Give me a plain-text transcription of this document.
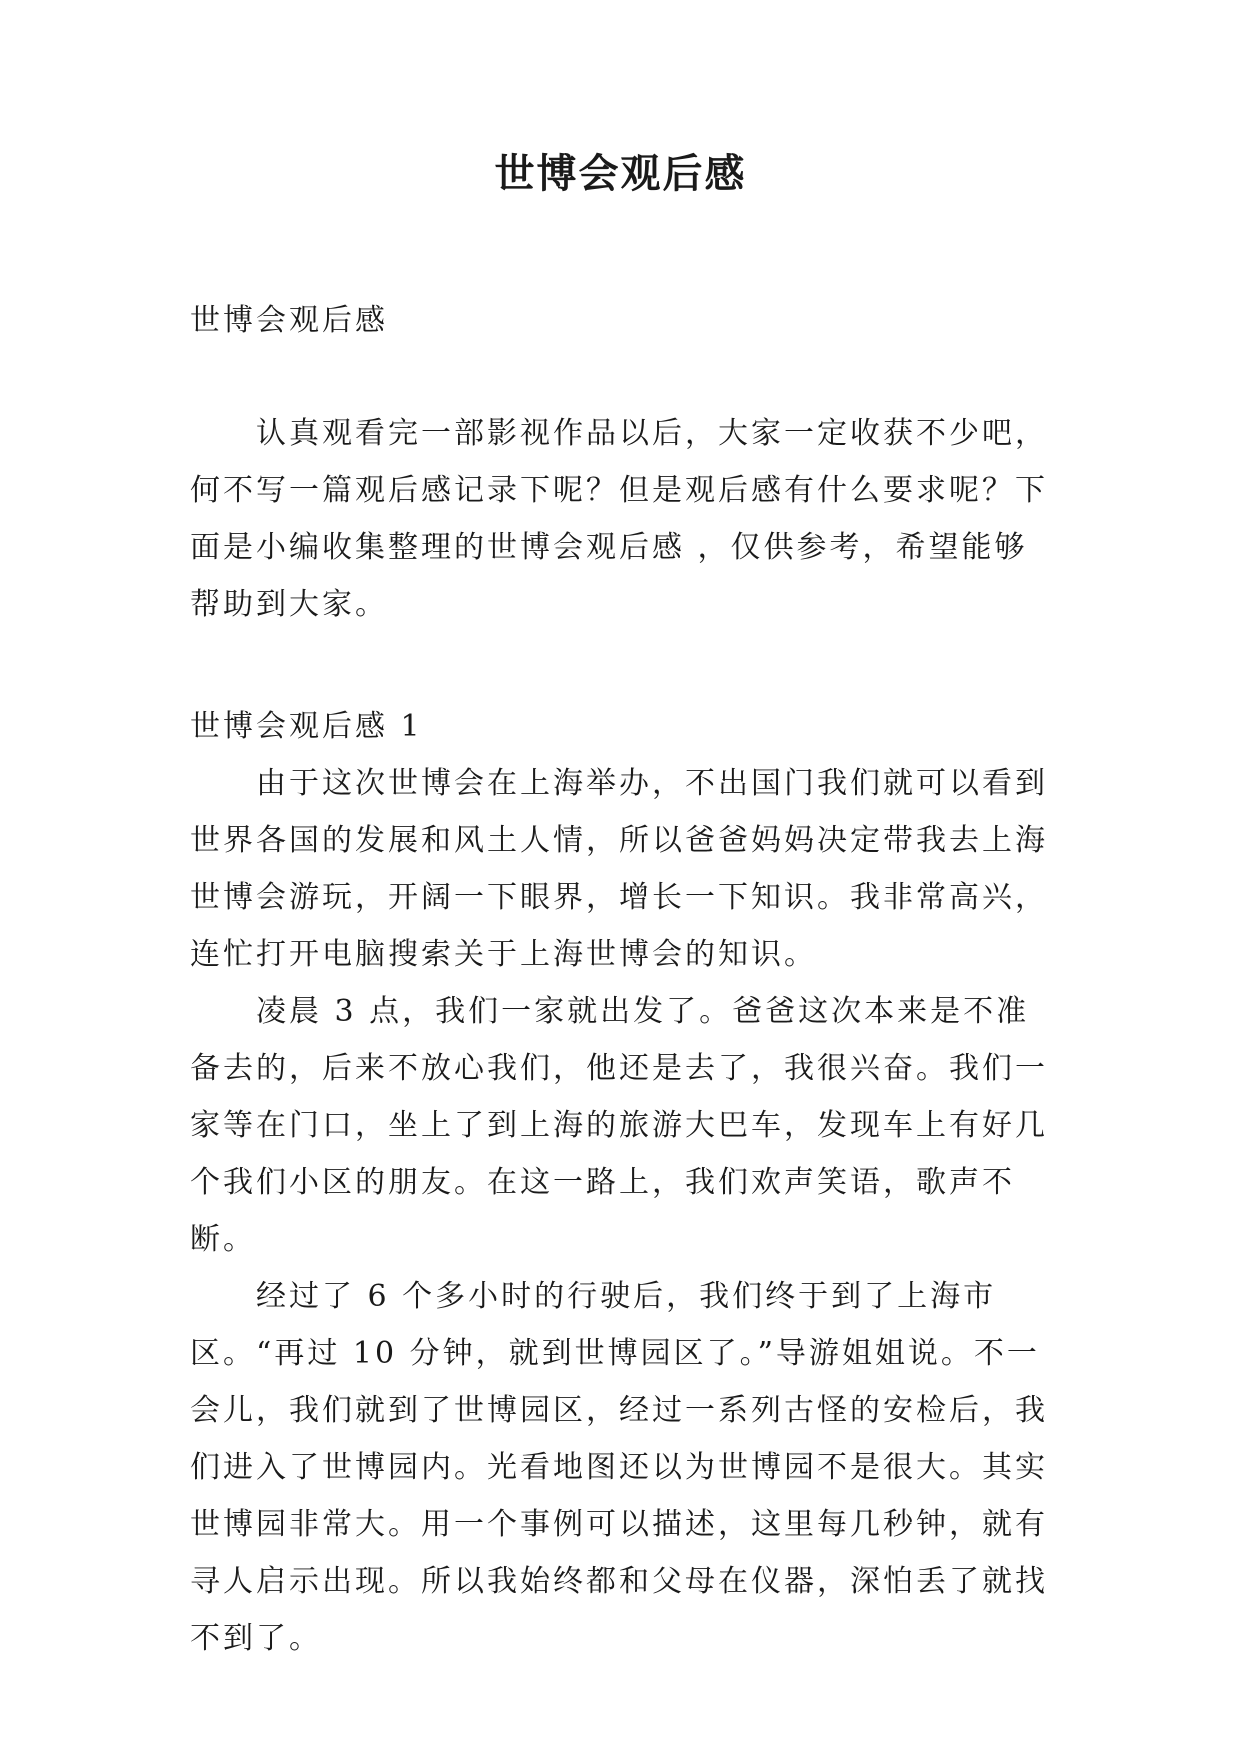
世博会观后感

世博会观后感

认真观看完一部影视作品以后，大家一定收获不少吧，何不写一篇观后感记录下呢？但是观后感有什么要求呢？下面是小编收集整理的世博会观后感 ，仅供参考，希望能够帮助到大家。

世博会观后感 1

由于这次世博会在上海举办，不出国门我们就可以看到世界各国的发展和风土人情，所以爸爸妈妈决定带我去上海世博会游玩，开阔一下眼界，增长一下知识。我非常高兴，连忙打开电脑搜索关于上海世博会的知识。

凌晨 3 点，我们一家就出发了。爸爸这次本来是不准备去的，后来不放心我们，他还是去了，我很兴奋。我们一家等在门口，坐上了到上海的旅游大巴车，发现车上有好几个我们小区的朋友。在这一路上，我们欢声笑语，歌声不断。

经过了 6 个多小时的行驶后，我们终于到了上海市区。“再过 10 分钟，就到世博园区了。”导游姐姐说。不一会儿，我们就到了世博园区，经过一系列古怪的安检后，我们进入了世博园内。光看地图还以为世博园不是很大。其实世博园非常大。用一个事例可以描述，这里每几秒钟，就有寻人启示出现。所以我始终都和父母在仪器，深怕丢了就找不到了。
